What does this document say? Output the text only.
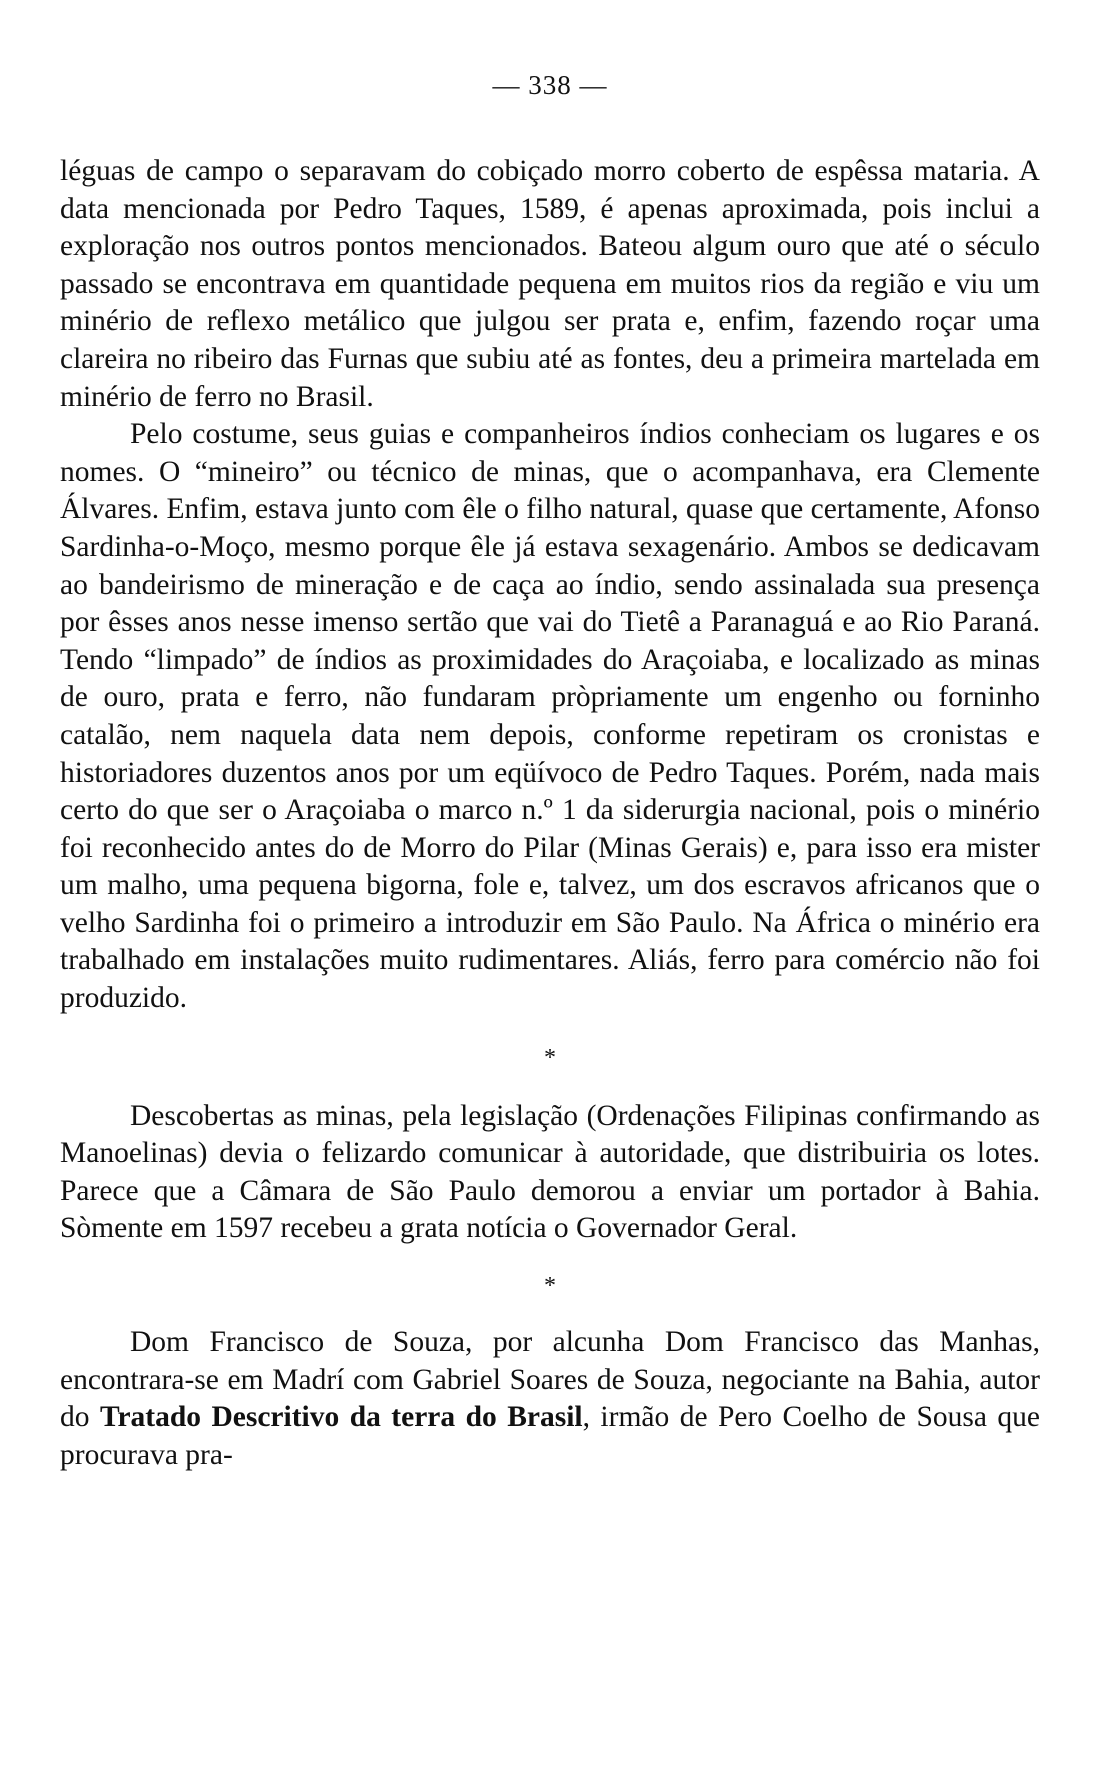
— 338 —

léguas de campo o separavam do cobiçado morro coberto de espêssa mataria. A data mencionada por Pedro Taques, 1589, é apenas aproximada, pois inclui a exploração nos outros pontos mencionados. Bateou algum ouro que até o século passado se encontrava em quantidade pequena em muitos rios da região e viu um minério de reflexo metálico que julgou ser prata e, enfim, fazendo roçar uma clareira no ribeiro das Furnas que subiu até as fontes, deu a primeira martelada em minério de ferro no Brasil.

Pelo costume, seus guias e companheiros índios conheciam os lugares e os nomes. O “mineiro” ou técnico de minas, que o acompanhava, era Clemente Álvares. Enfim, estava junto com êle o filho natural, quase que certamente, Afonso Sardinha-o-Moço, mesmo porque êle já estava sexagenário. Ambos se dedicavam ao bandeirismo de mineração e de caça ao índio, sendo assinalada sua presença por êsses anos nesse imenso sertão que vai do Tietê a Paranaguá e ao Rio Paraná. Tendo “limpado” de índios as proximidades do Araçoiaba, e localizado as minas de ouro, prata e ferro, não fundaram pròpriamente um engenho ou forninho catalão, nem naquela data nem depois, conforme repetiram os cronistas e historiadores duzentos anos por um eqüívoco de Pedro Taques. Porém, nada mais certo do que ser o Araçoiaba o marco n.º 1 da siderurgia nacional, pois o minério foi reconhecido antes do de Morro do Pilar (Minas Gerais) e, para isso era mister um malho, uma pequena bigorna, fole e, talvez, um dos escravos africanos que o velho Sardinha foi o primeiro a introduzir em São Paulo. Na África o minério era trabalhado em instalações muito rudimentares. Aliás, ferro para comércio não foi produzido.

*

Descobertas as minas, pela legislação (Ordenações Filipinas confirmando as Manoelinas) devia o felizardo comunicar à autoridade, que distribuiria os lotes. Parece que a Câmara de São Paulo demorou a enviar um portador à Bahia. Sòmente em 1597 recebeu a grata notícia o Governador Geral.

*

Dom Francisco de Souza, por alcunha Dom Francisco das Manhas, encontrara-se em Madrí com Gabriel Soares de Souza, negociante na Bahia, autor do Tratado Descritivo da terra do Brasil, irmão de Pero Coelho de Sousa que procurava pra-
